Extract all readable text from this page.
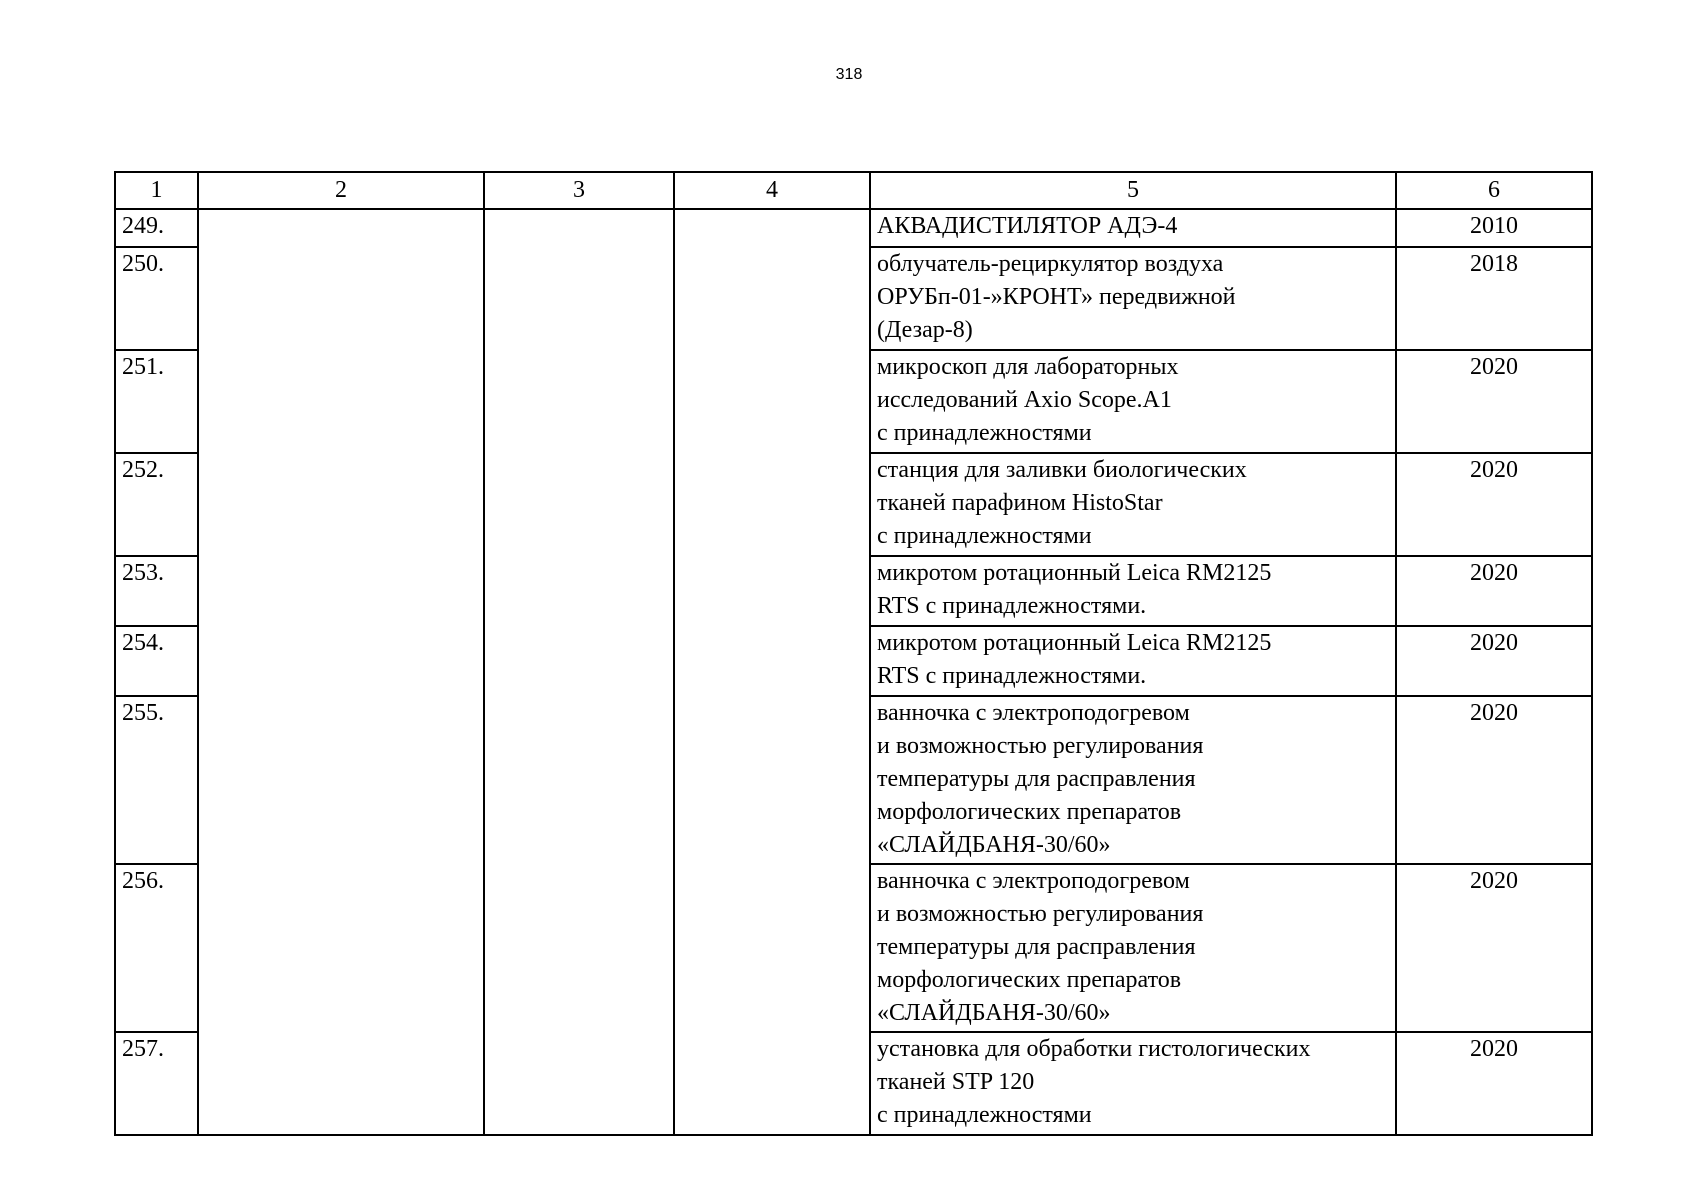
318
1	2	3	4	5	6
249.				АКВАДИСТИЛЯТОР АДЭ-4	2010
250.				облучатель-рециркулятор воздуха
ОРУБп-01-»КРОНТ» передвижной
(Дезар-8)	2018
251.				микроскоп для лабораторных
исследований Axio Scope.A1
с принадлежностями	2020
252.				станция для заливки биологических
тканей парафином HistoStar
с принадлежностями	2020
253.				микротом ротационный Leica RM2125
RTS с принадлежностями.	2020
254.				микротом ротационный Leica RM2125
RTS с принадлежностями.	2020
255.				ванночка с электроподогревом
и возможностью регулирования
температуры для расправления
морфологических препаратов
«СЛАЙДБАНЯ-30/60»	2020
256.				ванночка с электроподогревом
и возможностью регулирования
температуры для расправления
морфологических препаратов
«СЛАЙДБАНЯ-30/60»	2020
257.				установка для обработки гистологических
тканей STP 120
с принадлежностями	2020
